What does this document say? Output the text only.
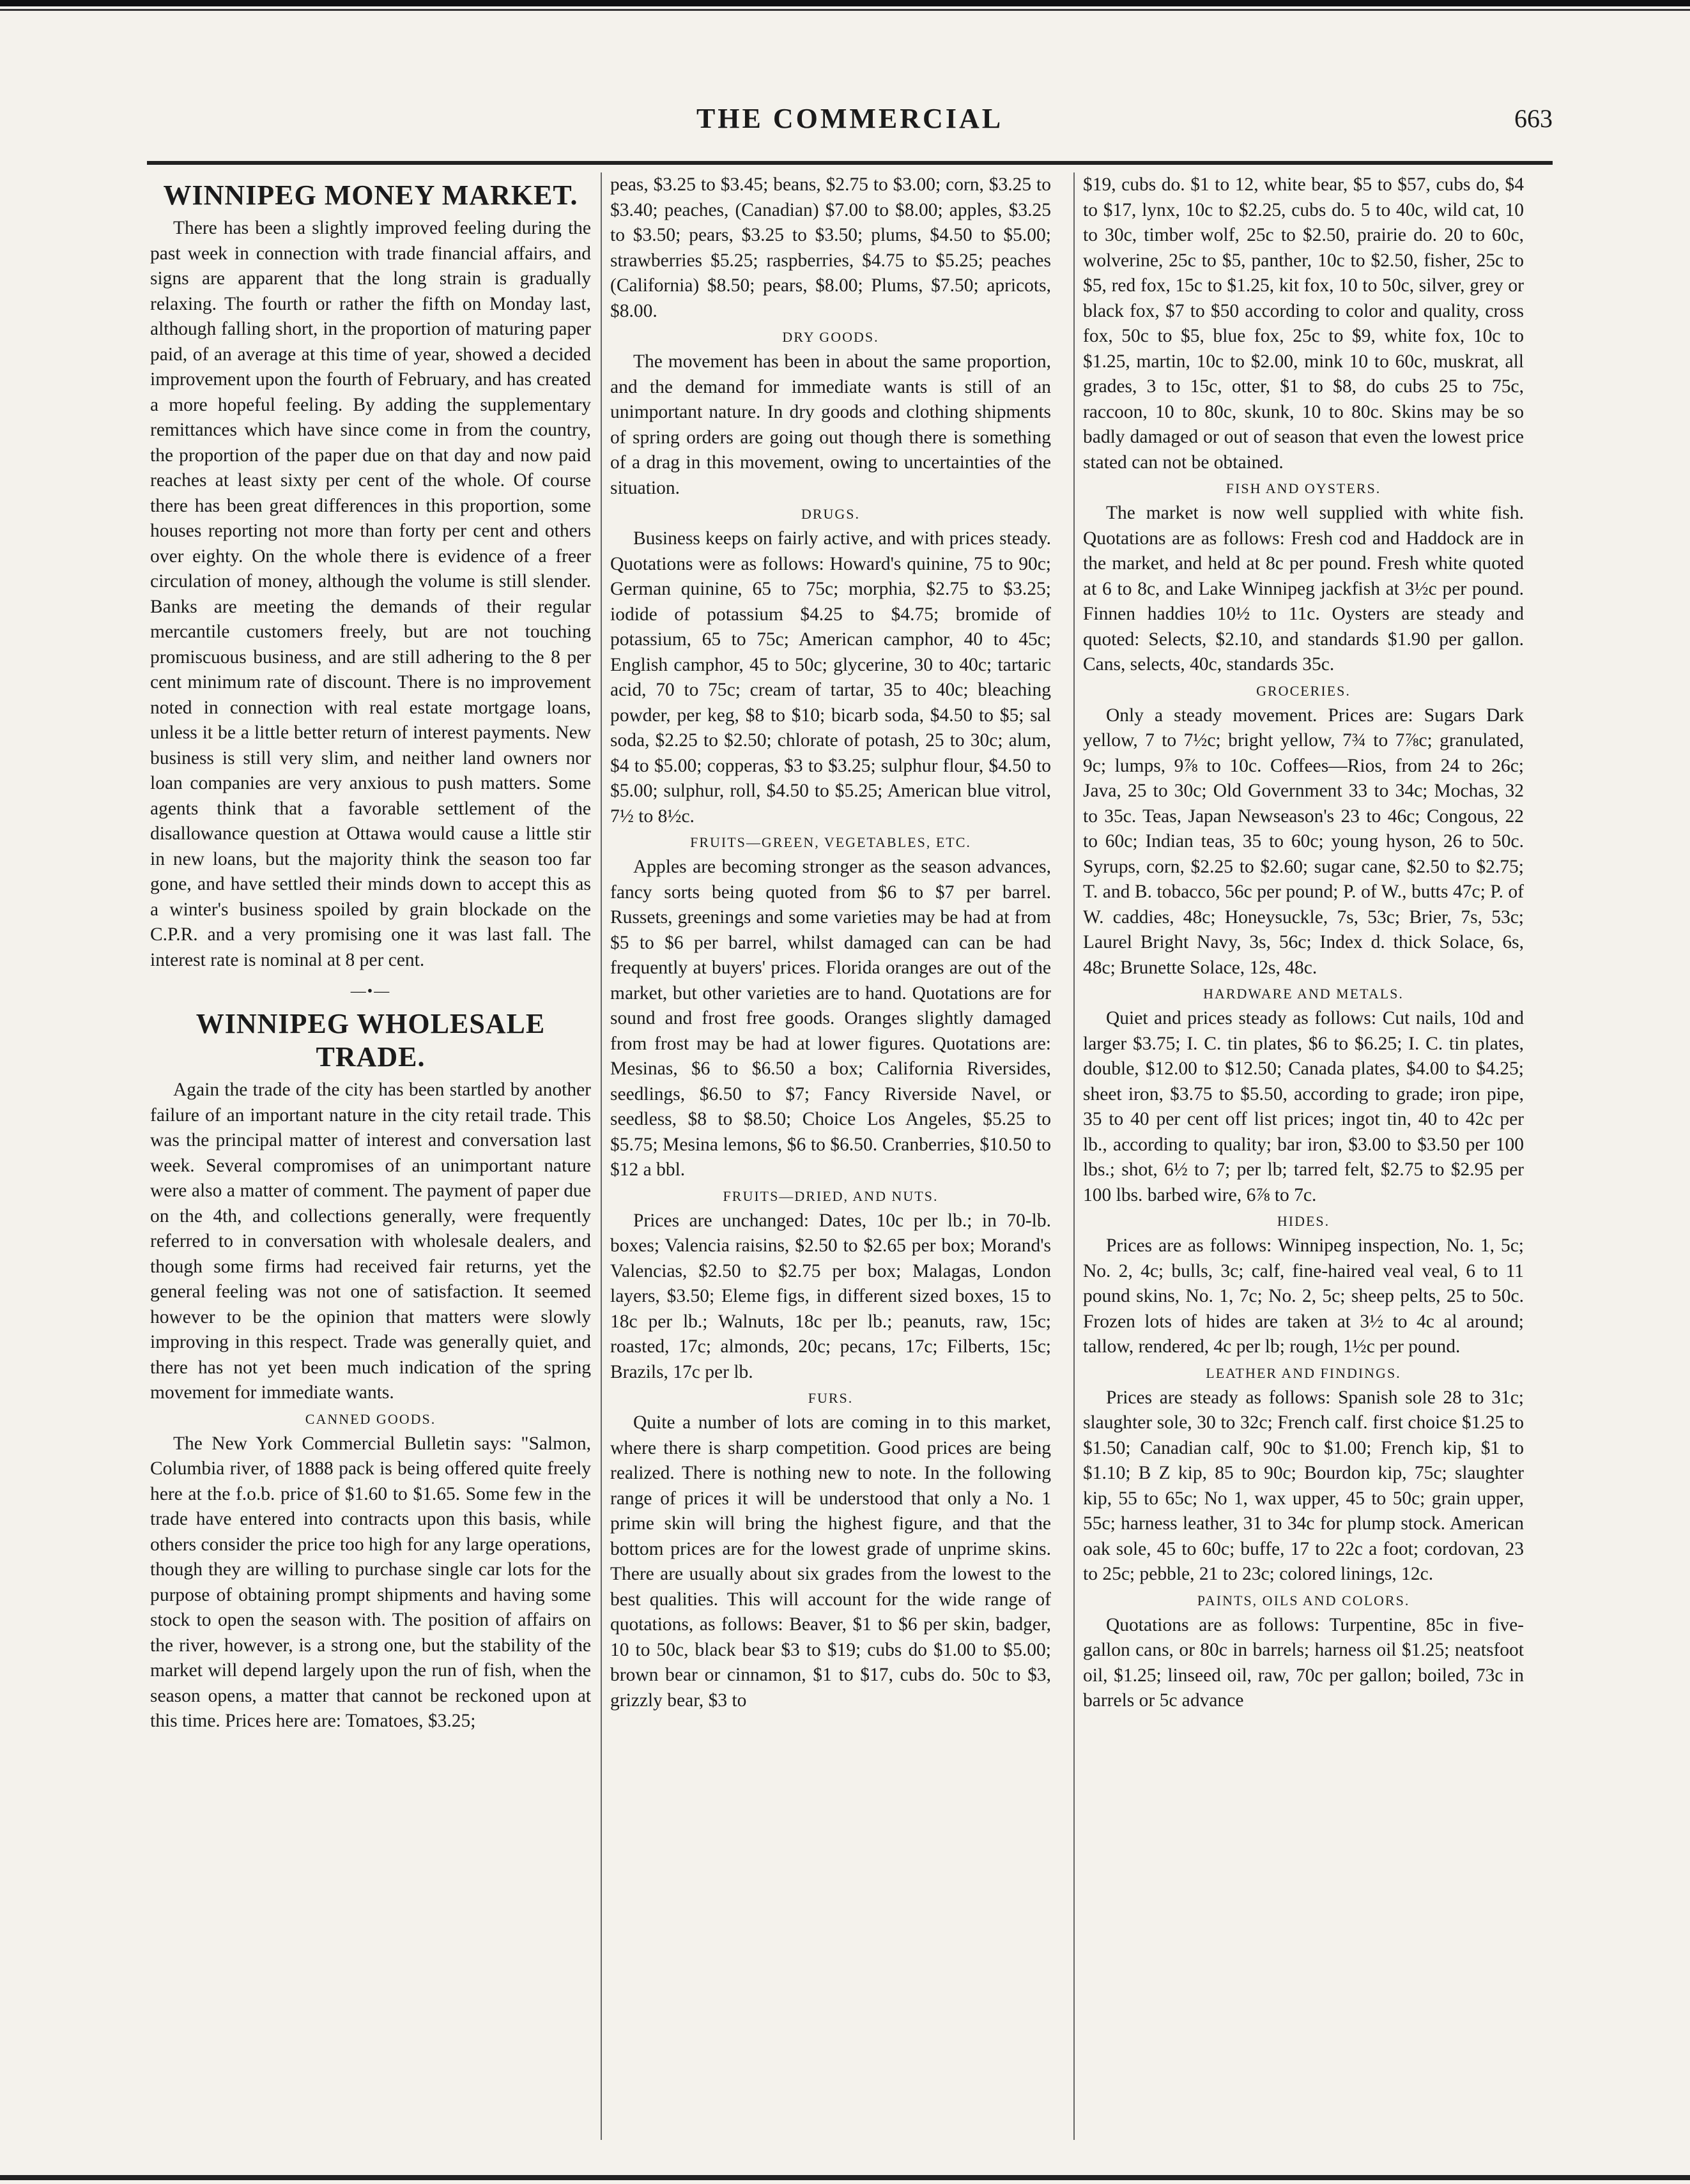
THE COMMERCIAL	663
WINNIPEG MONEY MARKET.

There has been a slightly improved feeling during the past week in connection with trade financial affairs, and signs are apparent that the long strain is gradually relaxing. The fourth or rather the fifth on Monday last, although falling short, in the proportion of maturing paper paid, of an average at this time of year, showed a decided improvement upon the fourth of February, and has created a more hopeful feeling. By adding the supplementary remittances which have since come in from the country, the proportion of the paper due on that day and now paid reaches at least sixty per cent of the whole. Of course there has been great differences in this proportion, some houses reporting not more than forty per cent and others over eighty. On the whole there is evidence of a freer circulation of money, although the volume is still slender. Banks are meeting the demands of their regular mercantile customers freely, but are not touching promiscuous business, and are still adhering to the 8 per cent minimum rate of discount. There is no improvement noted in connection with real estate mortgage loans, unless it be a little better return of interest payments. New business is still very slim, and neither land owners nor loan companies are very anxious to push matters. Some agents think that a favorable settlement of the disallowance question at Ottawa would cause a little stir in new loans, but the majority think the season too far gone, and have settled their minds down to accept this as a winter's business spoiled by grain blockade on the C.P.R. and a very promising one it was last fall. The interest rate is nominal at 8 per cent.

—•—
WINNIPEG WHOLESALE TRADE.

Again the trade of the city has been startled by another failure of an important nature in the city retail trade. This was the principal matter of interest and conversation last week. Several compromises of an unimportant nature were also a matter of comment. The payment of paper due on the 4th, and collections generally, were frequently referred to in conversation with wholesale dealers, and though some firms had received fair returns, yet the general feeling was not one of satisfaction. It seemed however to be the opinion that matters were slowly improving in this respect. Trade was generally quiet, and there has not yet been much indication of the spring movement for immediate wants.

CANNED GOODS.

The New York Commercial Bulletin says: "Salmon, Columbia river, of 1888 pack is being offered quite freely here at the f.o.b. price of $1.60 to $1.65. Some few in the trade have entered into contracts upon this basis, while others consider the price too high for any large operations, though they are willing to purchase single car lots for the purpose of obtaining prompt shipments and having some stock to open the season with. The position of affairs on the river, however, is a strong one, but the stability of the market will depend largely upon the run of fish, when the season opens, a matter that cannot be reckoned upon at this time. Prices here are: Tomatoes, $3.25;

peas, $3.25 to $3.45; beans, $2.75 to $3.00; corn, $3.25 to $3.40; peaches, (Canadian) $7.00 to $8.00; apples, $3.25 to $3.50; pears, $3.25 to $3.50; plums, $4.50 to $5.00; strawberries $5.25; raspberries, $4.75 to $5.25; peaches (California) $8.50; pears, $8.00; Plums, $7.50; apricots, $8.00.

DRY GOODS.

The movement has been in about the same proportion, and the demand for immediate wants is still of an unimportant nature. In dry goods and clothing shipments of spring orders are going out though there is something of a drag in this movement, owing to uncertainties of the situation.

DRUGS.

Business keeps on fairly active, and with prices steady. Quotations were as follows: Howard's quinine, 75 to 90c; German quinine, 65 to 75c; morphia, $2.75 to $3.25; iodide of potassium $4.25 to $4.75; bromide of potassium, 65 to 75c; American camphor, 40 to 45c; English camphor, 45 to 50c; glycerine, 30 to 40c; tartaric acid, 70 to 75c; cream of tartar, 35 to 40c; bleaching powder, per keg, $8 to $10; bicarb soda, $4.50 to $5; sal soda, $2.25 to $2.50; chlorate of potash, 25 to 30c; alum, $4 to $5.00; copperas, $3 to $3.25; sulphur flour, $4.50 to $5.00; sulphur, roll, $4.50 to $5.25; American blue vitrol, 7½ to 8½c.

FRUITS—GREEN, VEGETABLES, ETC.

Apples are becoming stronger as the season advances, fancy sorts being quoted from $6 to $7 per barrel. Russets, greenings and some varieties may be had at from $5 to $6 per barrel, whilst damaged can can be had frequently at buyers' prices. Florida oranges are out of the market, but other varieties are to hand. Quotations are for sound and frost free goods. Oranges slightly damaged from frost may be had at lower figures. Quotations are: Mesinas, $6 to $6.50 a box; California Riversides, seedlings, $6.50 to $7; Fancy Riverside Navel, or seedless, $8 to $8.50; Choice Los Angeles, $5.25 to $5.75; Mesina lemons, $6 to $6.50. Cranberries, $10.50 to $12 a bbl.

FRUITS—DRIED, AND NUTS.

Prices are unchanged: Dates, 10c per lb.; in 70-lb. boxes; Valencia raisins, $2.50 to $2.65 per box; Morand's Valencias, $2.50 to $2.75 per box; Malagas, London layers, $3.50; Eleme figs, in different sized boxes, 15 to 18c per lb.; Walnuts, 18c per lb.; peanuts, raw, 15c; roasted, 17c; almonds, 20c; pecans, 17c; Filberts, 15c; Brazils, 17c per lb.

FURS.

Quite a number of lots are coming in to this market, where there is sharp competition. Good prices are being realized. There is nothing new to note. In the following range of prices it will be understood that only a No. 1 prime skin will bring the highest figure, and that the bottom prices are for the lowest grade of unprime skins. There are usually about six grades from the lowest to the best qualities. This will account for the wide range of quotations, as follows: Beaver, $1 to $6 per skin, badger, 10 to 50c, black bear $3 to $19; cubs do $1.00 to $5.00; brown bear or cinnamon, $1 to $17, cubs do. 50c to $3, grizzly bear, $3 to

$19, cubs do. $1 to 12, white bear, $5 to $57, cubs do, $4 to $17, lynx, 10c to $2.25, cubs do. 5 to 40c, wild cat, 10 to 30c, timber wolf, 25c to $2.50, prairie do. 20 to 60c, wolverine, 25c to $5, panther, 10c to $2.50, fisher, 25c to $5, red fox, 15c to $1.25, kit fox, 10 to 50c, silver, grey or black fox, $7 to $50 according to color and quality, cross fox, 50c to $5, blue fox, 25c to $9, white fox, 10c to $1.25, martin, 10c to $2.00, mink 10 to 60c, muskrat, all grades, 3 to 15c, otter, $1 to $8, do cubs 25 to 75c, raccoon, 10 to 80c, skunk, 10 to 80c. Skins may be so badly damaged or out of season that even the lowest price stated can not be obtained.

FISH AND OYSTERS.

The market is now well supplied with white fish. Quotations are as follows: Fresh cod and Haddock are in the market, and held at 8c per pound. Fresh white quoted at 6 to 8c, and Lake Winnipeg jackfish at 3½c per pound. Finnen haddies 10½ to 11c. Oysters are steady and quoted: Selects, $2.10, and standards $1.90 per gallon. Cans, selects, 40c, standards 35c.

GROCERIES.

Only a steady movement. Prices are: Sugars Dark yellow, 7 to 7½c; bright yellow, 7¾ to 7⅞c; granulated, 9c; lumps, 9⅞ to 10c. Coffees—Rios, from 24 to 26c; Java, 25 to 30c; Old Government 33 to 34c; Mochas, 32 to 35c. Teas, Japan Newseason's 23 to 46c; Congous, 22 to 60c; Indian teas, 35 to 60c; young hyson, 26 to 50c. Syrups, corn, $2.25 to $2.60; sugar cane, $2.50 to $2.75; T. and B. tobacco, 56c per pound; P. of W., butts 47c; P. of W. caddies, 48c; Honeysuckle, 7s, 53c; Brier, 7s, 53c; Laurel Bright Navy, 3s, 56c; Index d. thick Solace, 6s, 48c; Brunette Solace, 12s, 48c.

HARDWARE AND METALS.

Quiet and prices steady as follows: Cut nails, 10d and larger $3.75; I. C. tin plates, $6 to $6.25; I. C. tin plates, double, $12.00 to $12.50; Canada plates, $4.00 to $4.25; sheet iron, $3.75 to $5.50, according to grade; iron pipe, 35 to 40 per cent off list prices; ingot tin, 40 to 42c per lb., according to quality; bar iron, $3.00 to $3.50 per 100 lbs.; shot, 6½ to 7; per lb; tarred felt, $2.75 to $2.95 per 100 lbs. barbed wire, 6⅞ to 7c.

HIDES.

Prices are as follows: Winnipeg inspection, No. 1, 5c; No. 2, 4c; bulls, 3c; calf, fine-haired veal veal, 6 to 11 pound skins, No. 1, 7c; No. 2, 5c; sheep pelts, 25 to 50c. Frozen lots of hides are taken at 3½ to 4c al around; tallow, rendered, 4c per lb; rough, 1½c per pound.

LEATHER AND FINDINGS.

Prices are steady as follows: Spanish sole 28 to 31c; slaughter sole, 30 to 32c; French calf. first choice $1.25 to $1.50; Canadian calf, 90c to $1.00; French kip, $1 to $1.10; B Z kip, 85 to 90c; Bourdon kip, 75c; slaughter kip, 55 to 65c; No 1, wax upper, 45 to 50c; grain upper, 55c; harness leather, 31 to 34c for plump stock. American oak sole, 45 to 60c; buffe, 17 to 22c a foot; cordovan, 23 to 25c; pebble, 21 to 23c; colored linings, 12c.

PAINTS, OILS AND COLORS.

Quotations are as follows: Turpentine, 85c in five-gallon cans, or 80c in barrels; harness oil $1.25; neatsfoot oil, $1.25; linseed oil, raw, 70c per gallon; boiled, 73c in barrels or 5c advance
